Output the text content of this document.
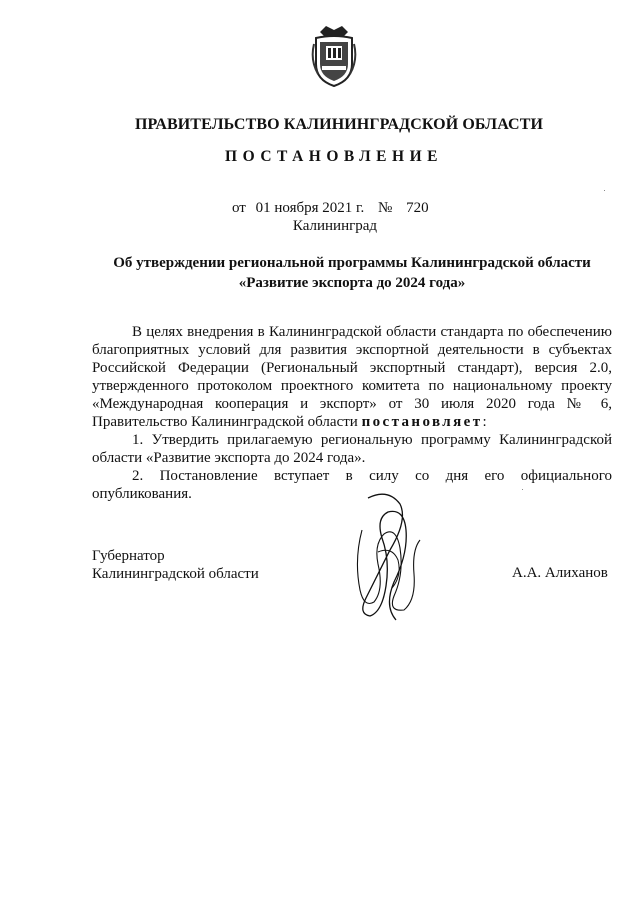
ПРАВИТЕЛЬСТВО КАЛИНИНГРАДСКОЙ ОБЛАСТИ
ПОСТАНОВЛЕНИЕ
от 01 ноября 2021 г. № 720
Калининград
Об утверждении региональной программы Калининградской области
«Развитие экспорта до 2024 года»

В целях внедрения в Калининградской области стандарта по обеспечению благоприятных условий для развития экспортной деятельности в субъектах Российской Федерации (Региональный экспортный стандарт), версия 2.0, утвержденного протоколом проектного комитета по национальному проекту «Международная кооперация и экспорт» от 30 июля 2020 года № 6, Правительство Калининградской области постановляет:

1. Утвердить прилагаемую региональную программу Калининградской области «Развитие экспорта до 2024 года».

2. Постановление вступает в силу со дня его официального опубликования.

Губернатор
Калининградской области	А.А. Алиханов
